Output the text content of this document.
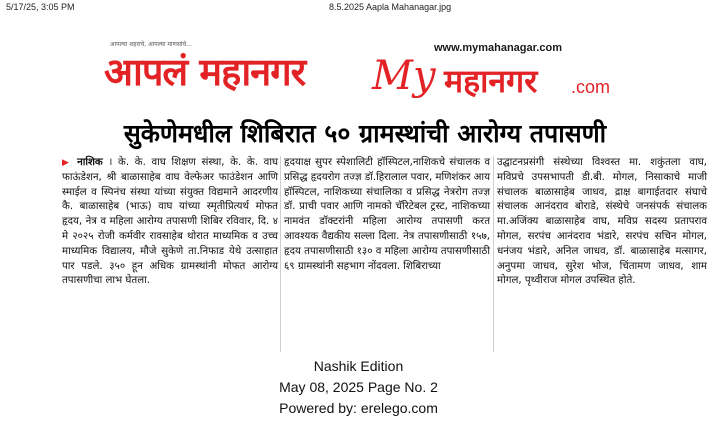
5/17/25, 3:05 PM	8.5.2025 Aapla Mahanagar.jpg
आपल्या शहराचे, आपल्या माणसांचे...
आपलं महानगर My महानगर .com
www.mymahanagar.com
सुकेणेमधील शिबिरात ५० ग्रामस्थांची आरोग्य तपासणी
▶ नाशिक । के. के. वाघ शिक्षण संस्था, के. के. वाघ फाऊंडेशन, श्री बाळासाहेब वाघ वेल्फेअर फाउंडेशन आणि स्माईल व स्पिनंच संस्था यांच्या संयुक्त विद्यमाने आदरणीय कै. बाळासाहेब (भाऊ) वाघ यांच्या स्मृतीप्रित्यर्थ मोफत हृदय, नेत्र व महिला आरोग्य तपासणी शिबिर रविवार, दि. ४ मे २०२५ रोजी कर्मवीर रावसाहेब थोरात माध्यमिक व उच्च माध्यमिक विद्यालय, मौजे सुकेणे ता.निफाड येथे उत्साहात पार पडले. ३५० हून अधिक ग्रामस्थांनी मोफत आरोग्य तपासणीचा लाभ घेतला.
हृदयाक्ष सुपर स्पेशालिटी हॉस्पिटल,नाशिकचे संचालक व प्रसिद्ध हृदयरोग तज्ज्ञ डॉ.हिरालाल पवार, मणिशंकर आय हॉस्पिटल, नाशिकच्या संचालिका व प्रसिद्ध नेत्ररोग तज्ज्ञ डॉ. प्राची पवार आणि नामको चॅरिटेबल ट्रस्ट, नाशिकच्या नामवंत डॉक्टरांनी महिला आरोग्य तपासणी करत आवश्यक वैद्यकीय सल्ला दिला. नेत्र तपासणीसाठी १५७, हृदय तपासणीसाठी १३० व महिला आरोग्य तपासणीसाठी ६९ ग्रामस्थांनी सहभाग नोंदवला. शिबिराच्या
उद्घाटनप्रसंगी संस्थेच्या विश्वस्त मा. शकुंतला वाघ, मविप्रचे उपसभापती डी.बी. मोगल, निसाकाचे माजी संचालक बाळासाहेब जाधव, द्राक्ष बागाईतदार संघाचे संचालक आनंदराव बोराडे, संस्थेचे जनसंपर्क संचालक मा.अजिंक्य बाळासाहेब वाघ, मविप्र सदस्य प्रतापराव मोगल, सरपंच आनंदराव भंडारे, सरपंच सचिन मोगल, धनंजय भंडारे, अनिल जाधव, डॉ. बाळासाहेब मत्सागर, अनुपमा जाधव, सुरेश भोज, चिंतामण जाधव, शाम मोगल, पृथ्वीराज मोगल उपस्थित होते.
Nashik Edition
May 08, 2025 Page No. 2
Powered by: erelego.com
